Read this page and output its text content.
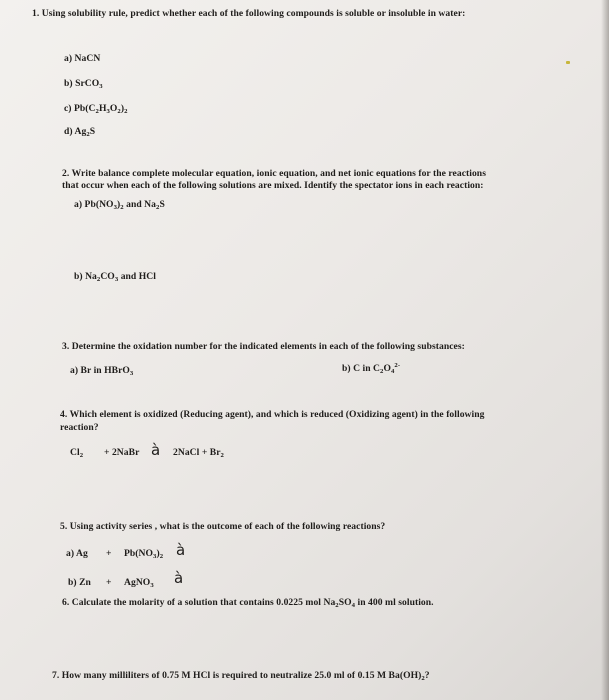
1. Using solubility rule, predict whether each of the following compounds is soluble or insoluble in water:
a) NaCN
b) SrCO$_3$
c) $Pb(C_2H_3O_2)_2$
d) $Ag_2S$
2. Write balance complete molecular equation, ionic equation, and net ionic equations for the reactions
that occur when each of the following solutions are mixed. Identify the spectator ions in each reaction:
a) $Pb(NO_3)_2$ and $Na_2S$
b) $Na_2CO_3$ and HCl
3. Determine the oxidation number for the indicated elements in each of the following substances:
a) Br in HBrO$_3$	b) C in $C_2O_4^{2-}$
4. Which element is oxidized (Reducing agent), and which is reduced (Oxidizing agent) in the following
reaction?
$Cl_2$ + 2NaBr à 2NaCl + $Br_2$
5. Using activity series , what is the outcome of each of the following reactions?
a) $Ag + Pb(NO_3)_2$ à
b) Zn + AgNO$_3$ à
6. Calculate the molarity of a solution that contains 0.0225 mol $Na_2SO_4$ in 400 ml solution.
7. How many milliliters of 0.75 M HCl is required to neutralize 25.0 ml of 0.15 M $Ba(OH)_2$?
